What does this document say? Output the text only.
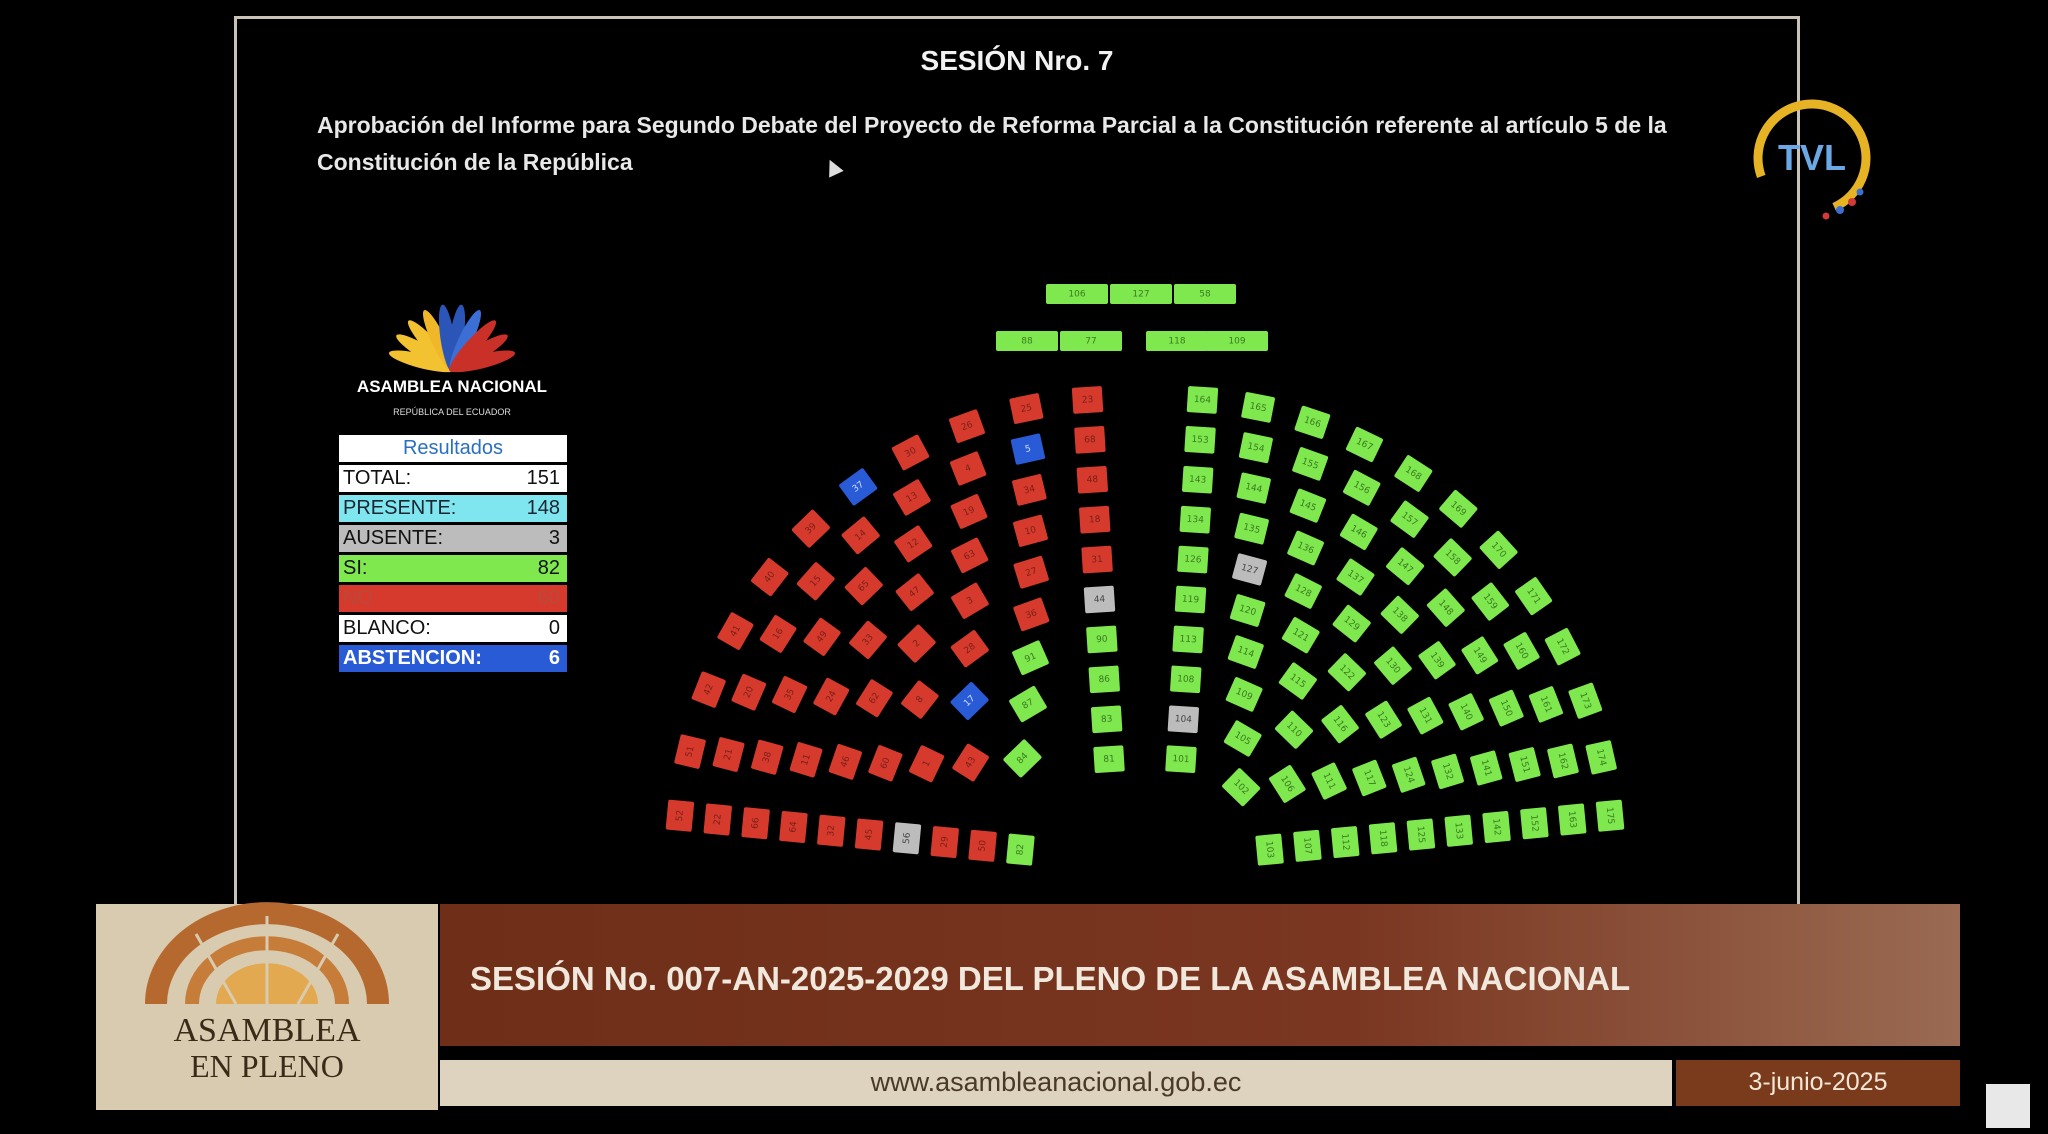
SESIÓN Nro. 7
Aprobación del Informe para Segundo Debate del Proyecto de Reforma Parcial a la Constitución referente al artículo 5 de la Constitución de la República
ASAMBLEA NACIONAL
REPÚBLICA DEL ECUADOR
Resultados
TOTAL:	151
PRESENTE:	148
AUSENTE:	3
SI:	82
NO	60
BLANCO:	0
ABSTENCION:	6
81
82
83
84
50
86
87
43
29
90
91
17
1
56
44
36
28
8
60
45
31
27
3
2
62
46
32
18
10
63
47
33
24
11
64
48
34
19
12
65
49
35
38
66
68
5
4
13
14
15
16
20
21
22
23
25
26
30
37
39
40
41
42
51
52
101
102
103
104
105
106
107
108
109
110
111
112
113
114
115
116
117
118
119
120
121
122
123
124
125
126
127
128
129
130
131
132
133
134
135
136
137
138
139
140
141
142
143
144
145
146
147
148
149
150
151
152
153
154
155
156
157
158
159
160
161
162
163
164
165
166
167
168
169
170
171
172
173
174
175
106	127	58
88	77	118	109
TVL
ASAMBLEA
EN PLENO
SESIÓN No. 007-AN-2025-2029 DEL PLENO DE LA ASAMBLEA NACIONAL
www.asambleanacional.gob.ec	3-junio-2025
